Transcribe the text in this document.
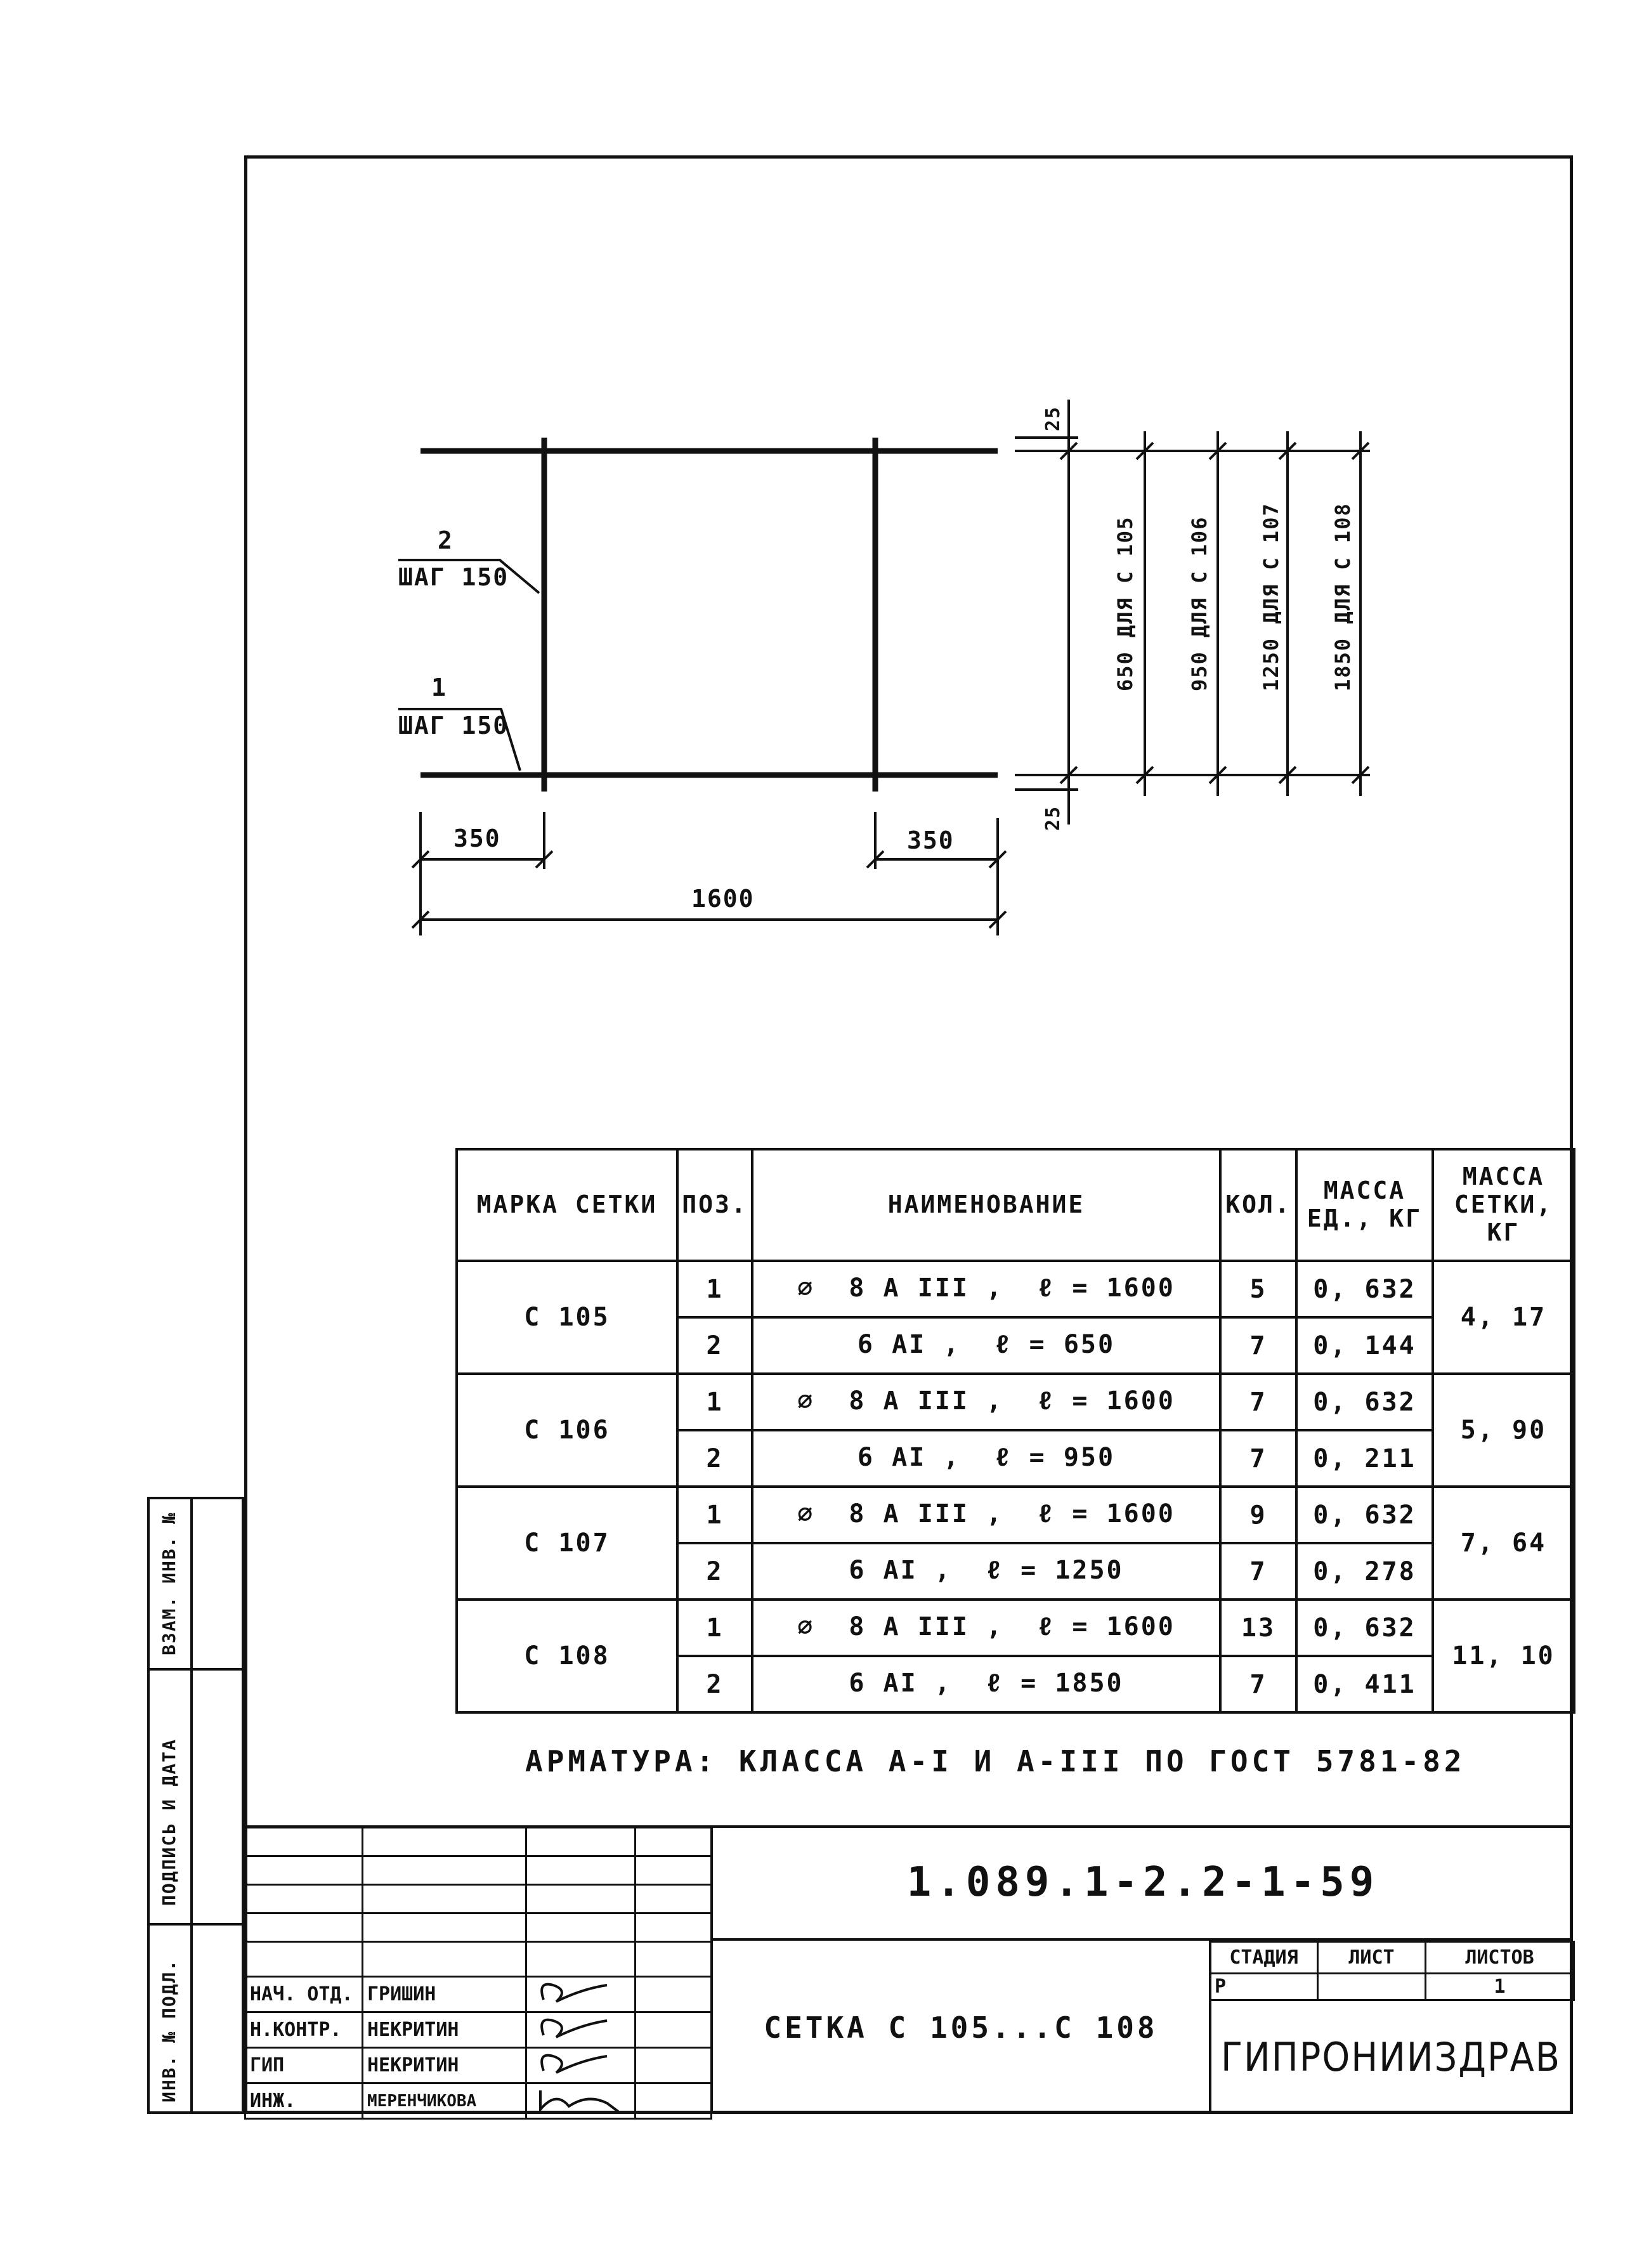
2
ШАГ 150
1
ШАГ 150
350	350
1600
25
25
650 ДЛЯ С 105 950 ДЛЯ С 106 1250 ДЛЯ С 107 1850 ДЛЯ С 108
МАРКА СЕТКИ	ПОЗ.	НАИМЕНОВАНИЕ	КОЛ.	МАССА ЕД., КГ	МАССА СЕТКИ, КГ
С 105	1	⌀  8 А III ,  ℓ = 1600	5	0, 632	4, 17
	2	6 АI ,  ℓ = 650	7	0, 144	
С 106	1	⌀  8 А III ,  ℓ = 1600	7	0, 632	5, 90
	2	6 АI ,  ℓ = 950	7	0, 211	
С 107	1	⌀  8 А III ,  ℓ = 1600	9	0, 632	7, 64
	2	6 АI ,  ℓ = 1250	7	0, 278	
С 108	1	⌀  8 А III ,  ℓ = 1600	13	0, 632	11, 10
	2	6 АI ,  ℓ = 1850	7	0, 411	
АРМАТУРА: КЛАССА А-I И А-III ПО ГОСТ 5781-82

НАЧ. ОТД.	ГРИШИН		
Н.КОНТР.	НЕКРИТИН		
ГИП	НЕКРИТИН		
ИНЖ.	МЕРЕНЧИКОВА		
1.089.1-2.2-1-59
СЕТКА С 105...С 108
СТАДИЯ	ЛИСТ	ЛИСТОВ
Р		1
ГИПРОНИИЗДРАВ
ИНВ. № ПОДЛ.
ПОДПИСЬ И ДАТА
ВЗАМ. ИНВ. №
